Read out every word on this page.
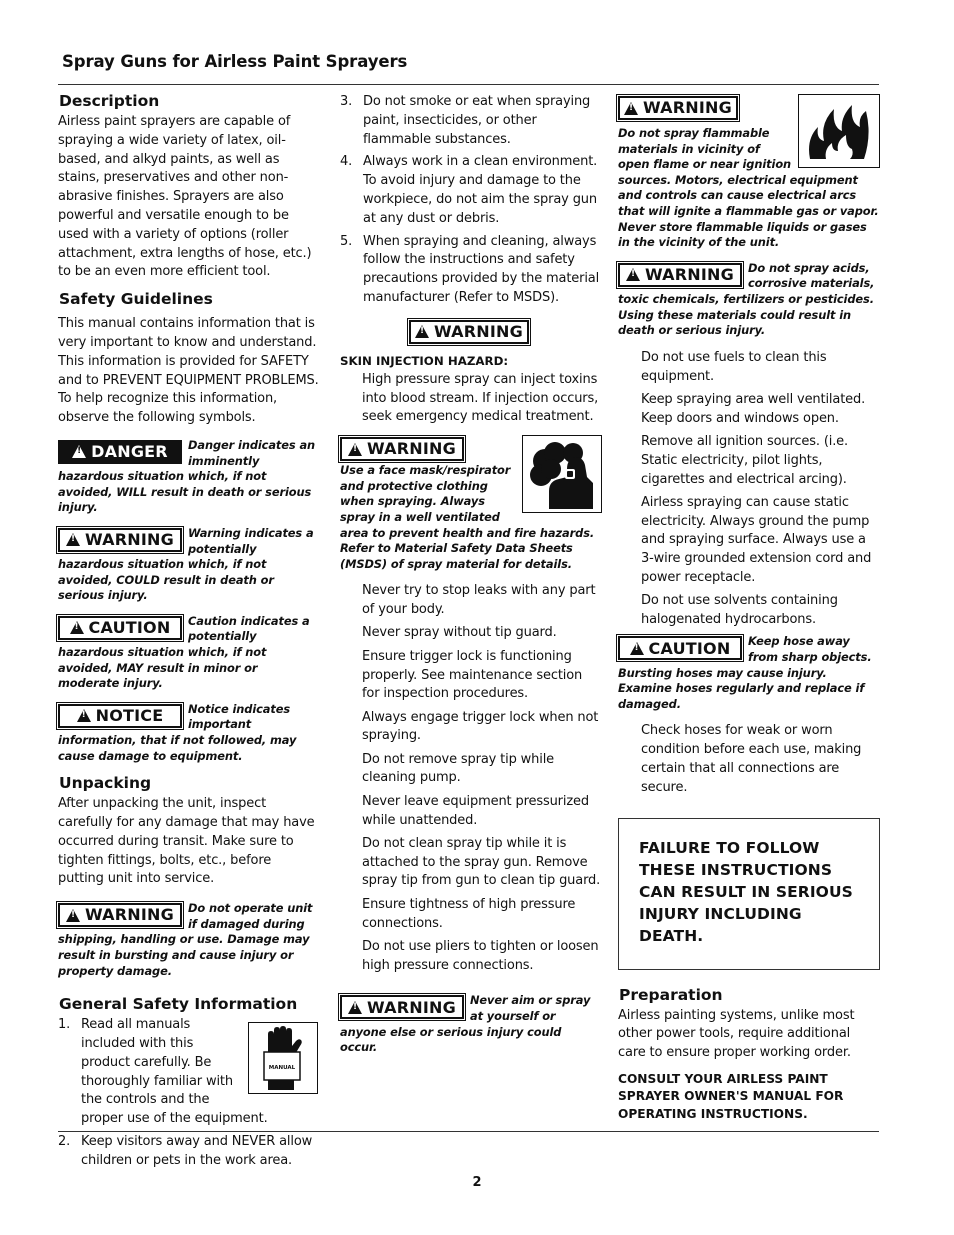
Spray Guns for Airless Paint Sprayers
Description

Airless paint sprayers are capable of spraying a wide variety of latex, oil-based, and alkyd paints, as well as stains, preservatives and other non-abrasive finishes. Sprayers are also powerful and versatile enough to be used with a variety of options (roller attachment, extra lengths of hose, etc.) to be an even more efficient tool.

Safety Guidelines

This manual contains information that is very important to know and understand. This information is provided for SAFETY and to PREVENT EQUIPMENT PROBLEMS. To help recognize this information, observe the following symbols.

!
DANGER Danger indicates an imminently hazardous situation which, if not avoided, WILL result in death or serious injury.
!
WARNING Warning indicates a potentially hazardous situation which, if not avoided, COULD result in death or serious injury.
!
CAUTION Caution indicates a potentially hazardous situation which, if not avoided, MAY result in minor or moderate injury.
!
NOTICE Notice indicates important information, that if not followed, may cause damage to equipment.
Unpacking

After unpacking the unit, inspect carefully for any damage that may have occurred during transit. Make sure to tighten fittings, bolts, etc., before putting unit into service.

!
WARNING Do not operate unit if damaged during shipping, handling or use. Damage may result in bursting and cause injury or property damage.
General Safety Information
MANUAL
1. Read all manuals included with this product carefully. Be thoroughly familiar with the controls and the proper use of the equipment.
2. Keep visitors away and NEVER allow children or pets in the work area.
3. Do not smoke or eat when spraying paint, insecticides, or other flammable substances.
4. Always work in a clean environment. To avoid injury and damage to the workpiece, do not aim the spray gun at any dust or debris.
5. When spraying and cleaning, always follow the instructions and safety precautions provided by the material manufacturer (Refer to MSDS).
!
WARNING

SKIN INJECTION HAZARD:

High pressure spray can inject toxins into blood stream. If injection occurs, seek emergency medical treatment.

!
WARNING
Use a face mask/respirator and protective clothing when spraying. Always spray in a well ventilated area to prevent health and fire hazards. Refer to Material Safety Data Sheets (MSDS) of spray material for details.

Never try to stop leaks with any part of your body.

Never spray without tip guard.

Ensure trigger lock is functioning properly. See maintenance section for inspection procedures.

Always engage trigger lock when not spraying.

Do not remove spray tip while cleaning pump.

Never leave equipment pressurized while unattended.

Do not clean spray tip while it is attached to the spray gun. Remove spray tip from gun to clean tip guard.

Ensure tightness of high pressure connections.

Do not use pliers to tighten or loosen high pressure connections.

!
WARNING Never aim or spray at yourself or anyone else or serious injury could occur.
!
WARNING
Do not spray flammable materials in vicinity of open flame or near ignition sources. Motors, electrical equipment and controls can cause electrical arcs that will ignite a flammable gas or vapor. Never store flammable liquids or gases in the vicinity of the unit.
!
WARNING Do not spray acids, corrosive materials, toxic chemicals, fertilizers or pesticides. Using these materials could result in death or serious injury.

Do not use fuels to clean this equipment.

Keep spraying area well ventilated. Keep doors and windows open.

Remove all ignition sources. (i.e. Static electricity, pilot lights, cigarettes and electrical arcing).

Airless spraying can cause static electricity. Always ground the pump and spraying surface. Always use a 3-wire grounded extension cord and power receptacle.

Do not use solvents containing halogenated hydrocarbons.

!
CAUTION Keep hose away from sharp objects. Bursting hoses may cause injury. Examine hoses regularly and replace if damaged.

Check hoses for weak or worn condition before each use, making certain that all connections are secure.

FAILURE TO FOLLOW THESE INSTRUCTIONS CAN RESULT IN SERIOUS INJURY INCLUDING DEATH.

Preparation

Airless painting systems, unlike most other power tools, require additional care to ensure proper working order.

CONSULT YOUR AIRLESS PAINT SPRAYER OWNER'S MANUAL FOR OPERATING INSTRUCTIONS.

2
